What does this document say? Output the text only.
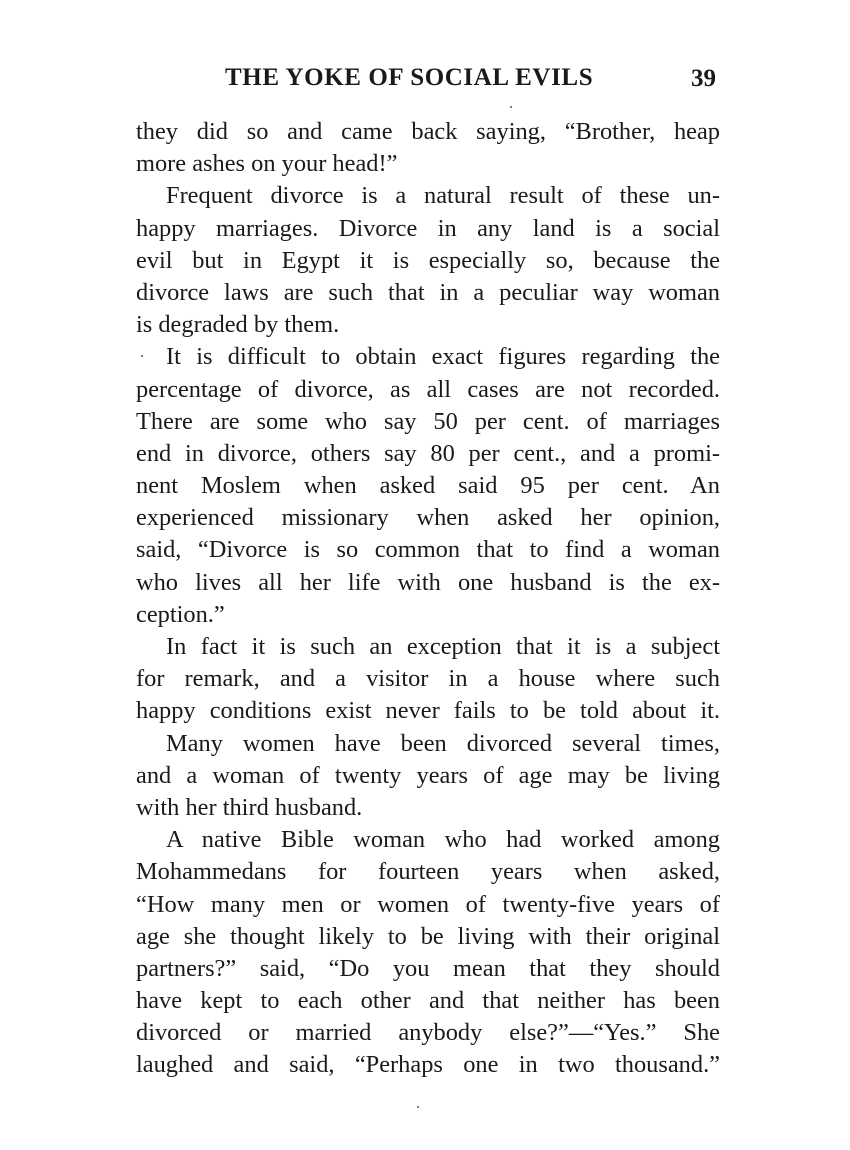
THE YOKE OF SOCIAL EVILS	39
they did so and came back saying, “Brother, heap
more ashes on your head!”
Frequent divorce is a natural result of these un-
happy marriages. Divorce in any land is a social
evil but in Egypt it is especially so, because the
divorce laws are such that in a peculiar way woman
is degraded by them.
It is difficult to obtain exact figures regarding the
percentage of divorce, as all cases are not recorded.
There are some who say 50 per cent. of marriages
end in divorce, others say 80 per cent., and a promi-
nent Moslem when asked said 95 per cent. An
experienced missionary when asked her opinion,
said, “Divorce is so common that to find a woman
who lives all her life with one husband is the ex-
ception.”
In fact it is such an exception that it is a subject
for remark, and a visitor in a house where such
happy conditions exist never fails to be told about it.
Many women have been divorced several times,
and a woman of twenty years of age may be living
with her third husband.
A native Bible woman who had worked among
Mohammedans for fourteen years when asked,
“How many men or women of twenty-five years of
age she thought likely to be living with their original
partners?” said, “Do you mean that they should
have kept to each other and that neither has been
divorced or married anybody else?”—“Yes.” She
laughed and said, “Perhaps one in two thousand.”
